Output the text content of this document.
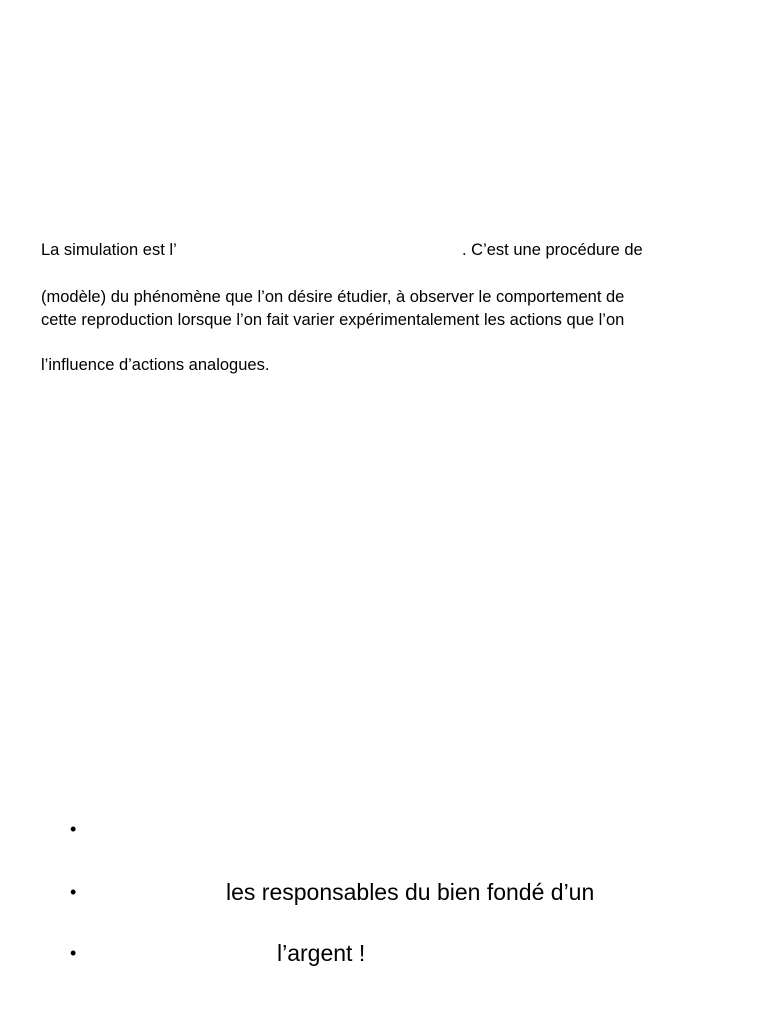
La simulation est l’	. C’est une procédure de

(modèle) du phénomène que l’on désire étudier, à observer le comportement de

cette reproduction lorsque l’on fait varier expérimentalement les actions que l’on

l’influence d’actions analogues.

•
•	les responsables du bien fondé d’un
•	l’argent !
